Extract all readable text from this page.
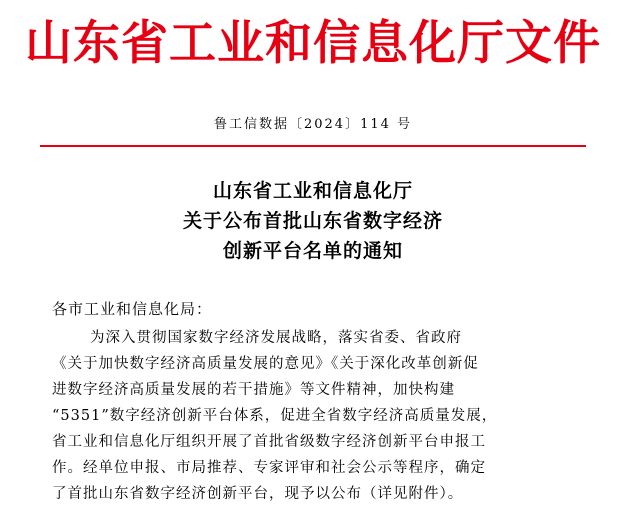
山东省工业和信息化厅文件
鲁工信数据〔2024〕114 号
山东省工业和信息化厅
关于公布首批山东省数字经济
创新平台名单的通知
各市工业和信息化局：
为深入贯彻国家数字经济发展战略，落实省委、省政府
《关于加快数字经济高质量发展的意见》《关于深化改革创新促
进数字经济高质量发展的若干措施》等文件精神，加快构建
“5351”数字经济创新平台体系，促进全省数字经济高质量发展，
省工业和信息化厅组织开展了首批省级数字经济创新平台申报工
作。经单位申报、市局推荐、专家评审和社会公示等程序，确定
了首批山东省数字经济创新平台，现予以公布（详见附件）。
